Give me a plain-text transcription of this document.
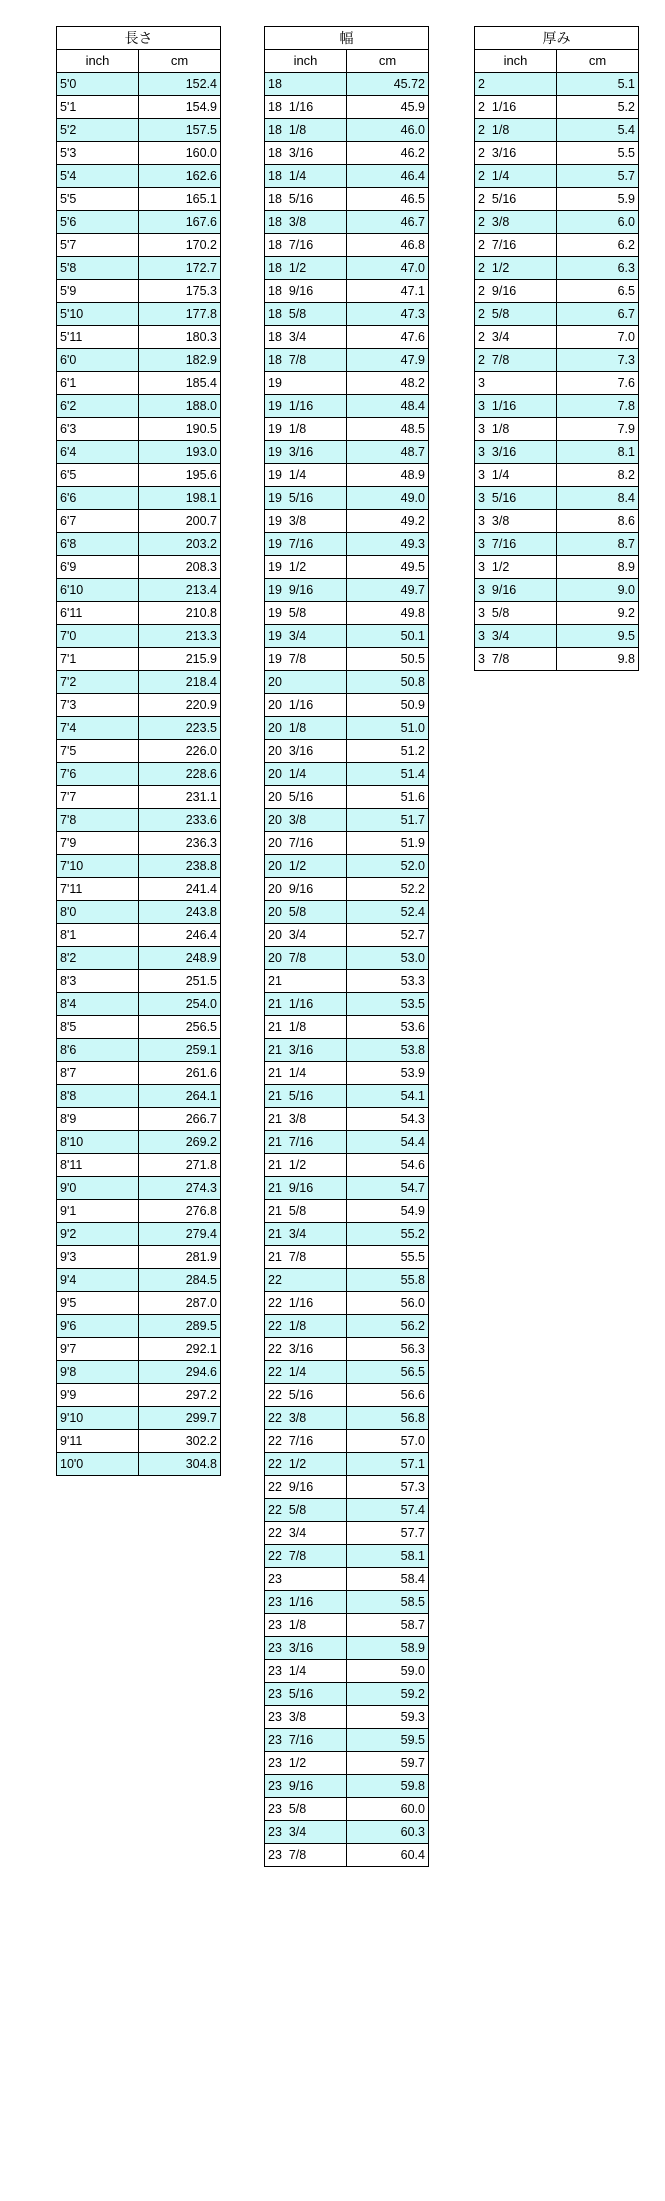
長さ	
inch	cm
5'0	152.4
5'1	154.9
5'2	157.5
5'3	160.0
5'4	162.6
5'5	165.1
5'6	167.6
5'7	170.2
5'8	172.7
5'9	175.3
5'10	177.8
5'11	180.3
6'0	182.9
6'1	185.4
6'2	188.0
6'3	190.5
6'4	193.0
6'5	195.6
6'6	198.1
6'7	200.7
6'8	203.2
6'9	208.3
6'10	213.4
6'11	210.8
7'0	213.3
7'1	215.9
7'2	218.4
7'3	220.9
7'4	223.5
7'5	226.0
7'6	228.6
7'7	231.1
7'8	233.6
7'9	236.3
7'10	238.8
7'11	241.4
8'0	243.8
8'1	246.4
8'2	248.9
8'3	251.5
8'4	254.0
8'5	256.5
8'6	259.1
8'7	261.6
8'8	264.1
8'9	266.7
8'10	269.2
8'11	271.8
9'0	274.3
9'1	276.8
9'2	279.4
9'3	281.9
9'4	284.5
9'5	287.0
9'6	289.5
9'7	292.1
9'8	294.6
9'9	297.2
9'10	299.7
9'11	302.2
10'0	304.8
幅	
inch	cm
18	45.72
18  1/16	45.9
18  1/8	46.0
18  3/16	46.2
18  1/4	46.4
18  5/16	46.5
18  3/8	46.7
18  7/16	46.8
18  1/2	47.0
18  9/16	47.1
18  5/8	47.3
18  3/4	47.6
18  7/8	47.9
19	48.2
19  1/16	48.4
19  1/8	48.5
19  3/16	48.7
19  1/4	48.9
19  5/16	49.0
19  3/8	49.2
19  7/16	49.3
19  1/2	49.5
19  9/16	49.7
19  5/8	49.8
19  3/4	50.1
19  7/8	50.5
20	50.8
20  1/16	50.9
20  1/8	51.0
20  3/16	51.2
20  1/4	51.4
20  5/16	51.6
20  3/8	51.7
20  7/16	51.9
20  1/2	52.0
20  9/16	52.2
20  5/8	52.4
20  3/4	52.7
20  7/8	53.0
21	53.3
21  1/16	53.5
21  1/8	53.6
21  3/16	53.8
21  1/4	53.9
21  5/16	54.1
21  3/8	54.3
21  7/16	54.4
21  1/2	54.6
21  9/16	54.7
21  5/8	54.9
21  3/4	55.2
21  7/8	55.5
22	55.8
22  1/16	56.0
22  1/8	56.2
22  3/16	56.3
22  1/4	56.5
22  5/16	56.6
22  3/8	56.8
22  7/16	57.0
22  1/2	57.1
22  9/16	57.3
22  5/8	57.4
22  3/4	57.7
22  7/8	58.1
23	58.4
23  1/16	58.5
23  1/8	58.7
23  3/16	58.9
23  1/4	59.0
23  5/16	59.2
23  3/8	59.3
23  7/16	59.5
23  1/2	59.7
23  9/16	59.8
23  5/8	60.0
23  3/4	60.3
23  7/8	60.4
厚み	
inch	cm
2	5.1
2  1/16	5.2
2  1/8	5.4
2  3/16	5.5
2  1/4	5.7
2  5/16	5.9
2  3/8	6.0
2  7/16	6.2
2  1/2	6.3
2  9/16	6.5
2  5/8	6.7
2  3/4	7.0
2  7/8	7.3
3	7.6
3  1/16	7.8
3  1/8	7.9
3  3/16	8.1
3  1/4	8.2
3  5/16	8.4
3  3/8	8.6
3  7/16	8.7
3  1/2	8.9
3  9/16	9.0
3  5/8	9.2
3  3/4	9.5
3  7/8	9.8
